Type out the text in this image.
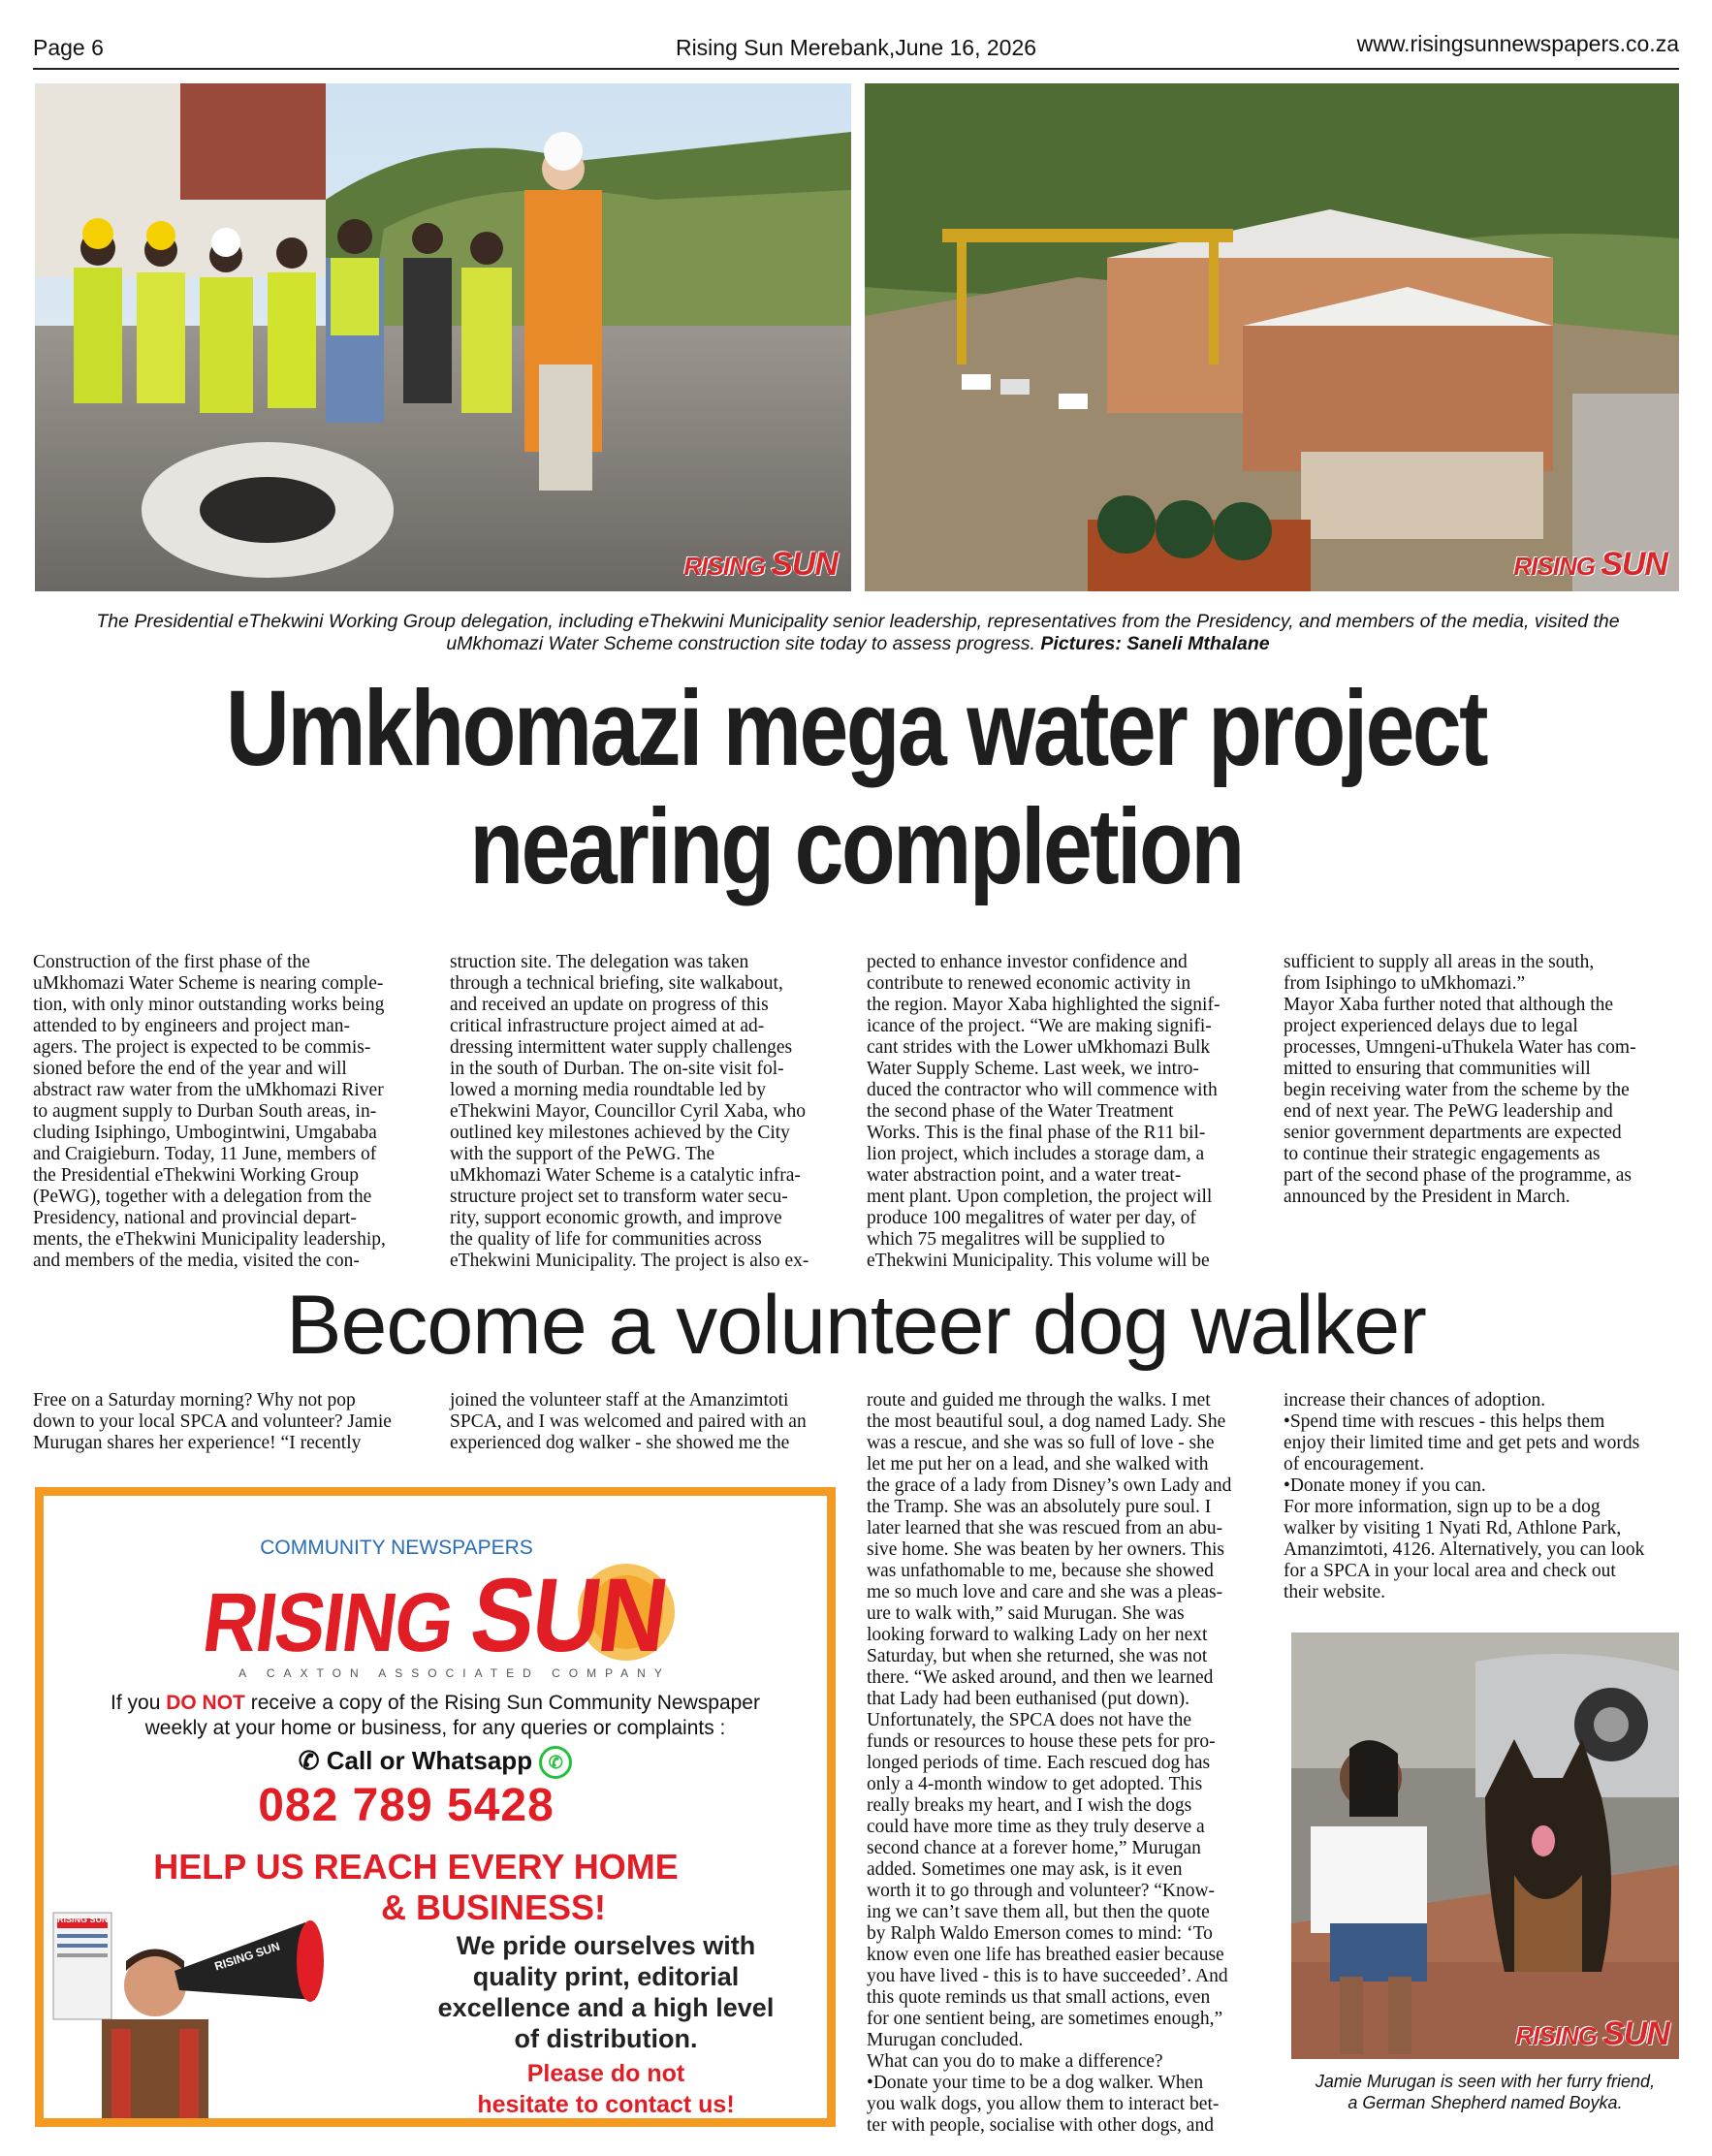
Page 6	Rising Sun Merebank,June 16, 2026	www.risingsunnewspapers.co.za
RISING SUN	RISING SUN
The Presidential eThekwini Working Group delegation, including eThekwini Municipality senior leadership, representatives from the Presidency, and members of the media, visited the uMkhomazi Water Scheme construction site today to assess progress. Pictures: Saneli Mthalane
Umkhomazi mega water project
nearing completion
Construction of the first phase of the
uMkhomazi Water Scheme is nearing comple-
tion, with only minor outstanding works being
attended to by engineers and project man-
agers. The project is expected to be commis-
sioned before the end of the year and will
abstract raw water from the uMkhomazi River
to augment supply to Durban South areas, in-
cluding Isiphingo, Umbogintwini, Umgababa
and Craigieburn. Today, 11 June, members of
the Presidential eThekwini Working Group
(PeWG), together with a delegation from the
Presidency, national and provincial depart-
ments, the eThekwini Municipality leadership,
and members of the media, visited the con-
struction site. The delegation was taken
through a technical briefing, site walkabout,
and received an update on progress of this
critical infrastructure project aimed at ad-
dressing intermittent water supply challenges
in the south of Durban. The on-site visit fol-
lowed a morning media roundtable led by
eThekwini Mayor, Councillor Cyril Xaba, who
outlined key milestones achieved by the City
with the support of the PeWG. The
uMkhomazi Water Scheme is a catalytic infra-
structure project set to transform water secu-
rity, support economic growth, and improve
the quality of life for communities across
eThekwini Municipality. The project is also ex-
pected to enhance investor confidence and
contribute to renewed economic activity in
the region. Mayor Xaba highlighted the signif-
icance of the project. “We are making signifi-
cant strides with the Lower uMkhomazi Bulk
Water Supply Scheme. Last week, we intro-
duced the contractor who will commence with
the second phase of the Water Treatment
Works. This is the final phase of the R11 bil-
lion project, which includes a storage dam, a
water abstraction point, and a water treat-
ment plant. Upon completion, the project will
produce 100 megalitres of water per day, of
which 75 megalitres will be supplied to
eThekwini Municipality. This volume will be
sufficient to supply all areas in the south,
from Isiphingo to uMkhomazi.”
Mayor Xaba further noted that although the
project experienced delays due to legal
processes, Umngeni-uThukela Water has com-
mitted to ensuring that communities will
begin receiving water from the scheme by the
end of next year. The PeWG leadership and
senior government departments are expected
to continue their strategic engagements as
part of the second phase of the programme, as
announced by the President in March.
Become a volunteer dog walker
Free on a Saturday morning? Why not pop
down to your local SPCA and volunteer? Jamie
Murugan shares her experience! “I recently
joined the volunteer staff at the Amanzimtoti
SPCA, and I was welcomed and paired with an
experienced dog walker - she showed me the
route and guided me through the walks. I met
the most beautiful soul, a dog named Lady. She
was a rescue, and she was so full of love - she
let me put her on a lead, and she walked with
the grace of a lady from Disney’s own Lady and
the Tramp. She was an absolutely pure soul. I
later learned that she was rescued from an abu-
sive home. She was beaten by her owners. This
was unfathomable to me, because she showed
me so much love and care and she was a pleas-
ure to walk with,” said Murugan. She was
looking forward to walking Lady on her next
Saturday, but when she returned, she was not
there. “We asked around, and then we learned
that Lady had been euthanised (put down).
Unfortunately, the SPCA does not have the
funds or resources to house these pets for pro-
longed periods of time. Each rescued dog has
only a 4-month window to get adopted. This
really breaks my heart, and I wish the dogs
could have more time as they truly deserve a
second chance at a forever home,” Murugan
added. Sometimes one may ask, is it even
worth it to go through and volunteer? “Know-
ing we can’t save them all, but then the quote
by Ralph Waldo Emerson comes to mind: ‘To
know even one life has breathed easier because
you have lived - this is to have succeeded’. And
this quote reminds us that small actions, even
for one sentient being, are sometimes enough,”
Murugan concluded.
What can you do to make a difference?
•Donate your time to be a dog walker. When
you walk dogs, you allow them to interact bet-
ter with people, socialise with other dogs, and
increase their chances of adoption.
•Spend time with rescues - this helps them
enjoy their limited time and get pets and words
of encouragement.
•Donate money if you can.
For more information, sign up to be a dog
walker by visiting 1 Nyati Rd, Athlone Park,
Amanzimtoti, 4126. Alternatively, you can look
for a SPCA in your local area and check out
their website.
RISING SUN
Jamie Murugan is seen with her furry friend,
a German Shepherd named Boyka.
COMMUNITY NEWSPAPERS
RISING SUN
A CAXTON ASSOCIATED COMPANY
If you DO NOT receive a copy of the Rising Sun Community Newspaper
weekly at your home or business, for any queries or complaints :
✆ Call or Whatsapp ✆
082 789 5428
HELP US REACH EVERY HOME
& BUSINESS!
RISING SUN
RISING SUN	We pride ourselves with
quality print, editorial
excellence and a high level
of distribution.
Please do not
hesitate to contact us!
